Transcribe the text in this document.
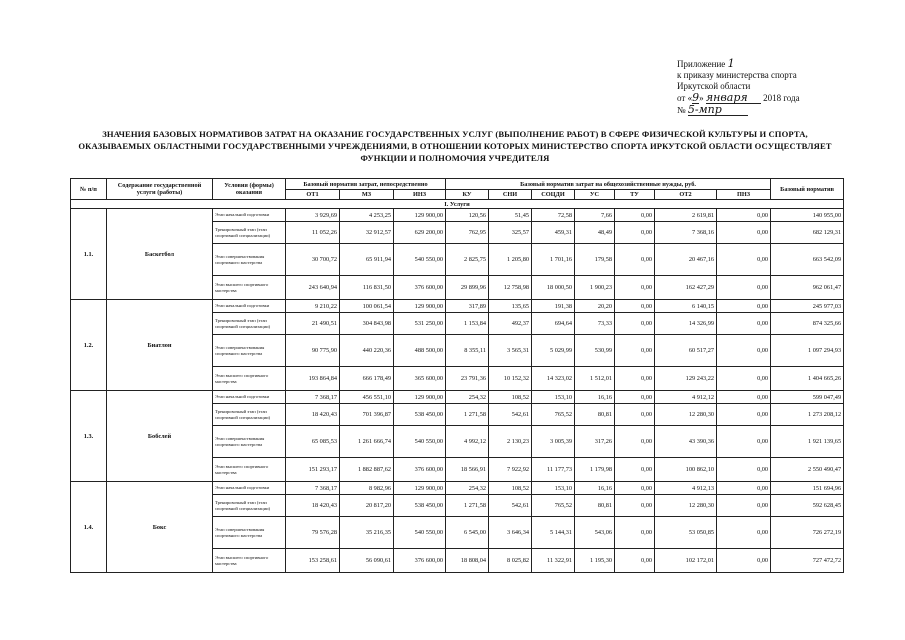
Приложение 1
к приказу министерства спорта
Иркутской области
от «9» января 2018 года
№ 5-мпр
ЗНАЧЕНИЯ БАЗОВЫХ НОРМАТИВОВ ЗАТРАТ НА ОКАЗАНИЕ ГОСУДАРСТВЕННЫХ УСЛУГ (ВЫПОЛНЕНИЕ РАБОТ) В СФЕРЕ ФИЗИЧЕСКОЙ КУЛЬТУРЫ И СПОРТА,
ОКАЗЫВАЕМЫХ ОБЛАСТНЫМИ ГОСУДАРСТВЕННЫМИ УЧРЕЖДЕНИЯМИ, В ОТНОШЕНИИ КОТОРЫХ МИНИСТЕРСТВО СПОРТА ИРКУТСКОЙ ОБЛАСТИ ОСУЩЕСТВЛЯЕТ
ФУНКЦИИ И ПОЛНОМОЧИЯ УЧРЕДИТЕЛЯ
№ п/п	Содержание государственной услуги (работы)	Условия (формы) оказания	Базовый норматив затрат, непосредственно			Базовый норматив затрат на общехозяйственные нужды, руб.							Базовый норматив
			ОТ1	МЗ	ИНЗ	КУ	СНИ	СОЦДИ	УС	ТУ	ОТ2	ПНЗ	
I. Услуги													
1.1.	Баскетбол	Этап начальной подготовки	3 929,69	4 253,25	129 900,00	120,56	51,45	72,58	7,66	0,00	2 619,81	0,00	140 955,00
		Тренировочный этап (этап спортивной специализации)	11 052,26	32 912,57	629 200,00	762,95	325,57	459,31	48,49	0,00	7 368,16	0,00	682 129,31
		Этап совершенствования спортивного мастерства	30 700,72	65 911,94	540 550,00	2 825,75	1 205,80	1 701,16	179,58	0,00	20 467,16	0,00	663 542,09
		Этап высшего спортивного мастерства	243 640,94	116 831,50	376 600,00	29 899,96	12 758,98	18 000,50	1 900,23	0,00	162 427,29	0,00	962 061,47
1.2.	Биатлон	Этап начальной подготовки	9 210,22	100 061,54	129 900,00	317,89	135,65	191,38	20,20	0,00	6 140,15	0,00	245 977,03
		Тренировочный этап (этап спортивной специализации)	21 490,51	304 843,98	531 250,00	1 153,84	492,37	694,64	73,33	0,00	14 326,99	0,00	874 325,66
		Этап совершенствования спортивного мастерства	90 775,90	440 220,36	488 500,00	8 355,11	3 565,31	5 029,99	530,99	0,00	60 517,27	0,00	1 097 294,93
		Этап высшего спортивного мастерства	193 864,84	666 178,49	365 600,00	23 791,36	10 152,32	14 323,02	1 512,01	0,00	129 243,22	0,00	1 404 665,26
1.3.	Бобслей	Этап начальной подготовки	7 368,17	456 551,10	129 900,00	254,32	108,52	153,10	16,16	0,00	4 912,12	0,00	599 047,49
		Тренировочный этап (этап спортивной специализации)	18 420,43	701 396,87	538 450,00	1 271,58	542,61	765,52	80,81	0,00	12 280,30	0,00	1 273 208,12
		Этап совершенствования спортивного мастерства	65 085,53	1 261 666,74	540 550,00	4 992,12	2 130,23	3 005,39	317,26	0,00	43 390,36	0,00	1 921 139,65
		Этап высшего спортивного мастерства	151 293,17	1 882 887,62	376 600,00	18 566,91	7 922,92	11 177,73	1 179,98	0,00	100 862,10	0,00	2 550 490,47
1.4.	Бокс	Этап начальной подготовки	7 368,17	8 982,96	129 900,00	254,32	108,52	153,10	16,16	0,00	4 912,13	0,00	151 694,96
		Тренировочный этап (этап спортивной специализации)	18 420,43	20 817,20	538 450,00	1 271,58	542,61	765,52	80,81	0,00	12 280,30	0,00	592 628,45
		Этап совершенствования спортивного мастерства	79 576,28	35 216,35	540 550,00	6 545,00	3 646,34	5 144,31	543,06	0,00	53 050,85	0,00	726 272,19
		Этап высшего спортивного мастерства	153 258,61	56 090,61	376 600,00	18 808,04	8 025,82	11 322,91	1 195,30	0,00	102 172,01	0,00	727 472,72
